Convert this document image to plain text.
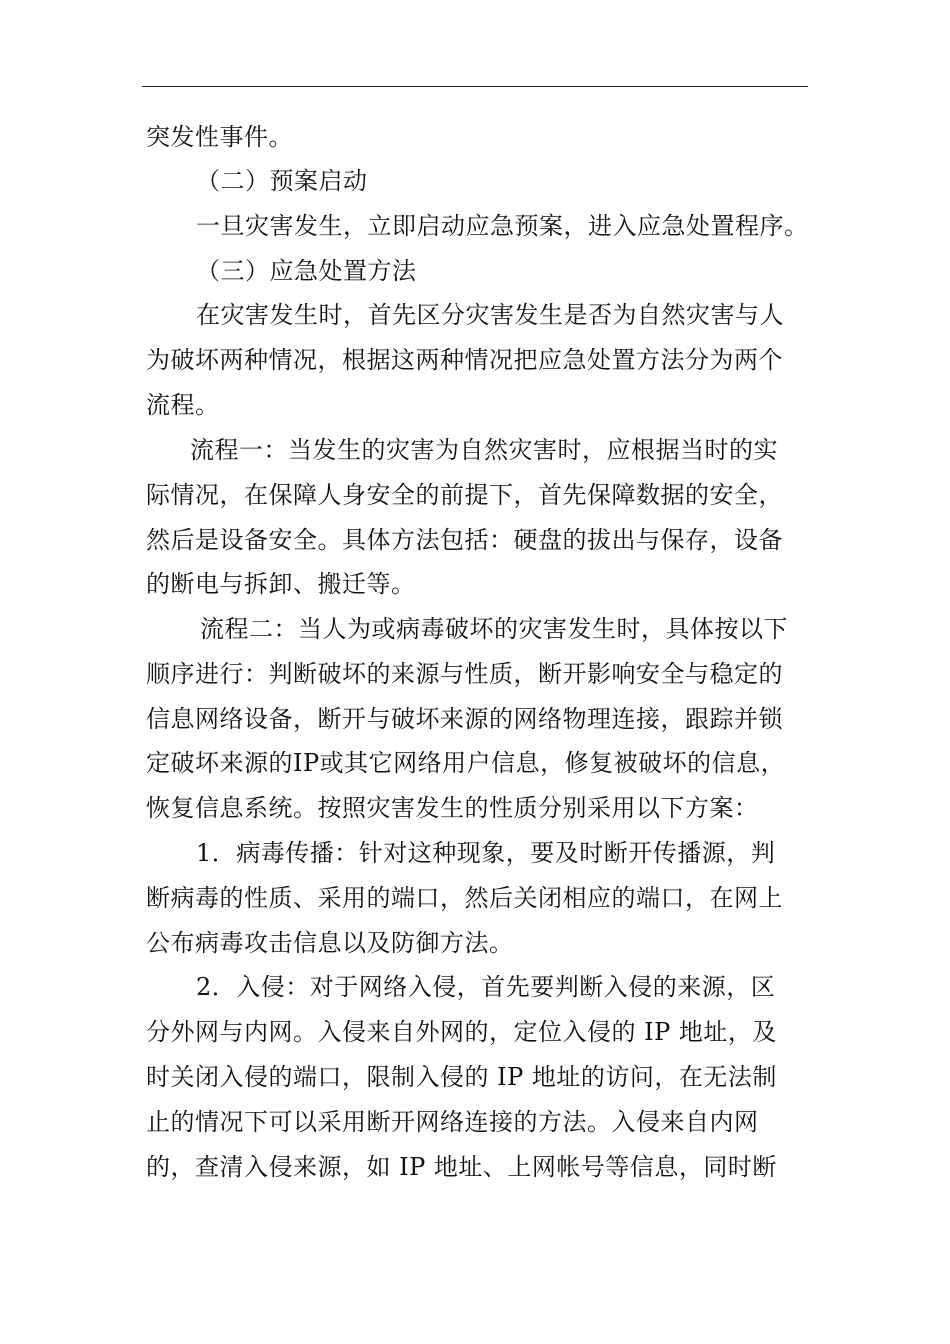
突发性事件。
（二）预案启动
一旦灾害发生，立即启动应急预案，进入应急处置程序。
（三）应急处置方法
在灾害发生时，首先区分灾害发生是否为自然灾害与人
为破坏两种情况，根据这两种情况把应急处置方法分为两个
流程。
流程一：当发生的灾害为自然灾害时，应根据当时的实
际情况，在保障人身安全的前提下，首先保障数据的安全，
然后是设备安全。具体方法包括：硬盘的拔出与保存，设备
的断电与拆卸、搬迁等。
流程二：当人为或病毒破坏的灾害发生时，具体按以下
顺序进行：判断破坏的来源与性质，断开影响安全与稳定的
信息网络设备，断开与破坏来源的网络物理连接，跟踪并锁
定破坏来源的IP或其它网络用户信息，修复被破坏的信息，
恢复信息系统。按照灾害发生的性质分别采用以下方案：
1．病毒传播：针对这种现象，要及时断开传播源，判
断病毒的性质、采用的端口，然后关闭相应的端口，在网上
公布病毒攻击信息以及防御方法。
2．入侵：对于网络入侵，首先要判断入侵的来源，区
分外网与内网。入侵来自外网的，定位入侵的 IP 地址，及
时关闭入侵的端口，限制入侵的 IP 地址的访问，在无法制
止的情况下可以采用断开网络连接的方法。入侵来自内网
的，查清入侵来源，如 IP 地址、上网帐号等信息，同时断
